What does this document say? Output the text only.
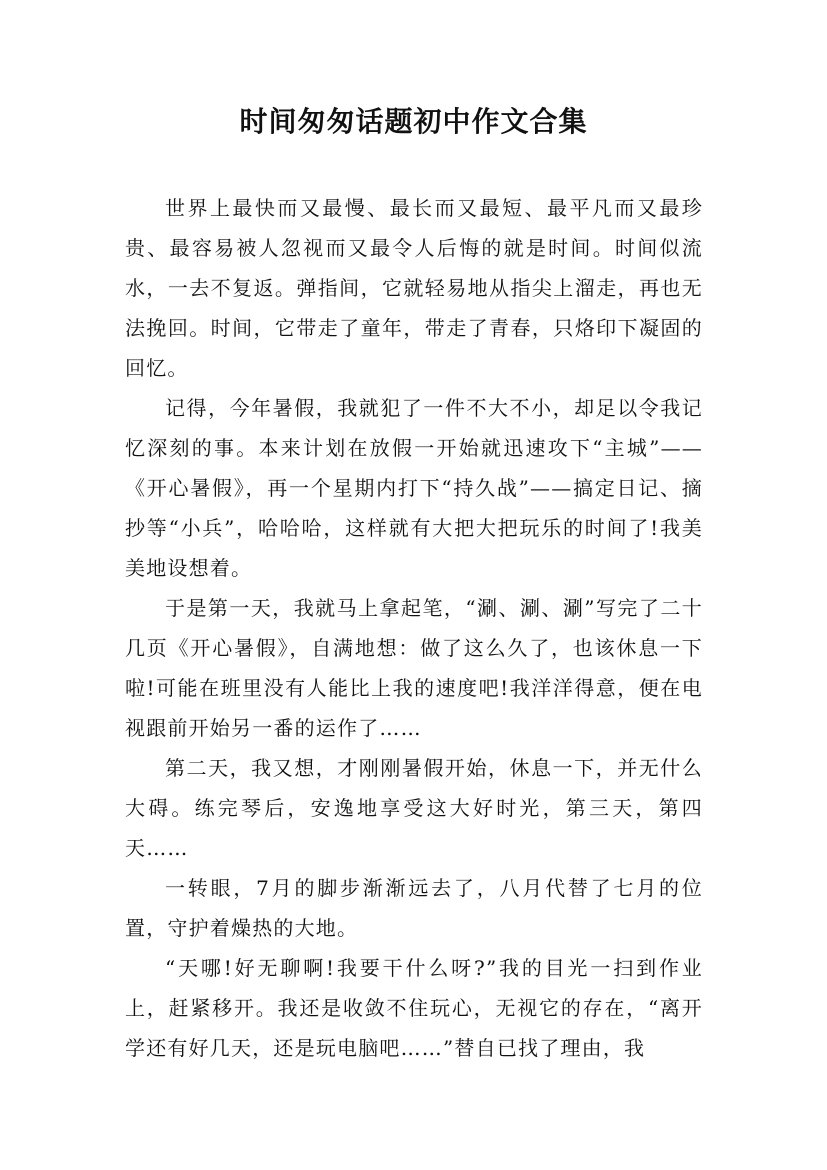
时间匆匆话题初中作文合集

世界上最快而又最慢、最长而又最短、最平凡而又最珍贵、最容易被人忽视而又最令人后悔的就是时间。时间似流水，一去不复返。弹指间，它就轻易地从指尖上溜走，再也无法挽回。时间，它带走了童年，带走了青春，只烙印下凝固的回忆。

记得，今年暑假，我就犯了一件不大不小，却足以令我记忆深刻的事。本来计划在放假一开始就迅速攻下“主城”——《开心暑假》，再一个星期内打下“持久战”——搞定日记、摘抄等“小兵”，哈哈哈，这样就有大把大把玩乐的时间了!我美美地设想着。

于是第一天，我就马上拿起笔，“涮、涮、涮”写完了二十几页《开心暑假》，自满地想：做了这么久了，也该休息一下啦!可能在班里没有人能比上我的速度吧!我洋洋得意，便在电视跟前开始另一番的运作了……

第二天，我又想，才刚刚暑假开始，休息一下，并无什么大碍。练完琴后，安逸地享受这大好时光，第三天，第四天……

一转眼，7月的脚步渐渐远去了，八月代替了七月的位置，守护着燥热的大地。

“天哪!好无聊啊!我要干什么呀?”我的目光一扫到作业上，赶紧移开。我还是收敛不住玩心，无视它的存在，“离开学还有好几天，还是玩电脑吧……”替自已找了理由，我
